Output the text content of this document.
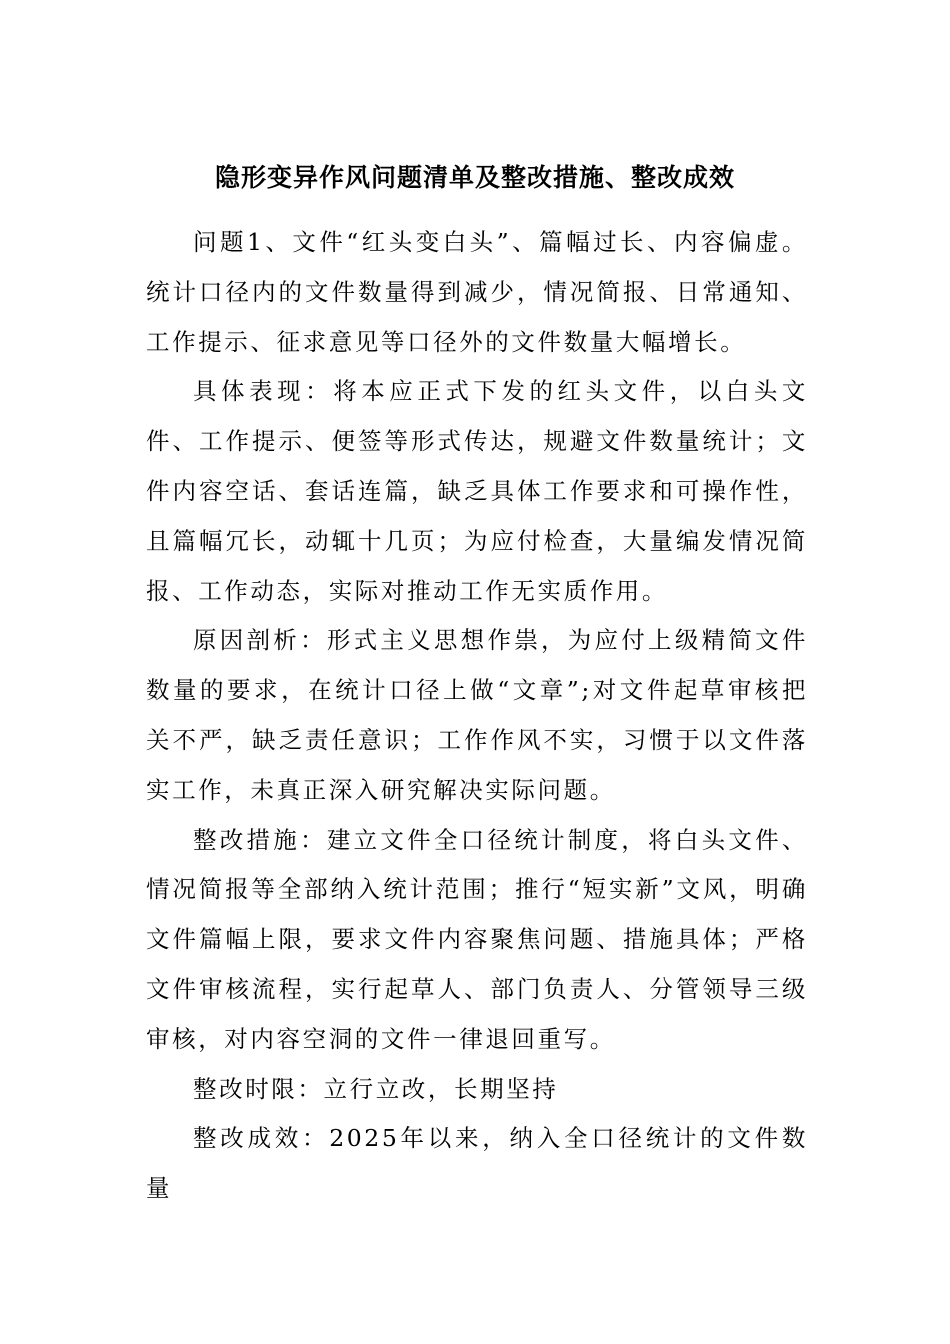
隐形变异作风问题清单及整改措施、整改成效

问题1、文件“红头变白头”、篇幅过长、内容偏虚。统计口径内的文件数量得到减少，情况简报、日常通知、工作提示、征求意见等口径外的文件数量大幅增长。

具体表现：将本应正式下发的红头文件，以白头文件、工作提示、便签等形式传达，规避文件数量统计；文件内容空话、套话连篇，缺乏具体工作要求和可操作性，且篇幅冗长，动辄十几页；为应付检查，大量编发情况简报、工作动态，实际对推动工作无实质作用。

原因剖析：形式主义思想作祟，为应付上级精简文件数量的要求，在统计口径上做“文章”;对文件起草审核把关不严，缺乏责任意识；工作作风不实，习惯于以文件落实工作，未真正深入研究解决实际问题。

整改措施：建立文件全口径统计制度，将白头文件、情况简报等全部纳入统计范围；推行“短实新”文风，明确文件篇幅上限，要求文件内容聚焦问题、措施具体；严格文件审核流程，实行起草人、部门负责人、分管领导三级审核，对内容空洞的文件一律退回重写。

整改时限：立行立改，长期坚持

整改成效：2025年以来，纳入全口径统计的文件数量
